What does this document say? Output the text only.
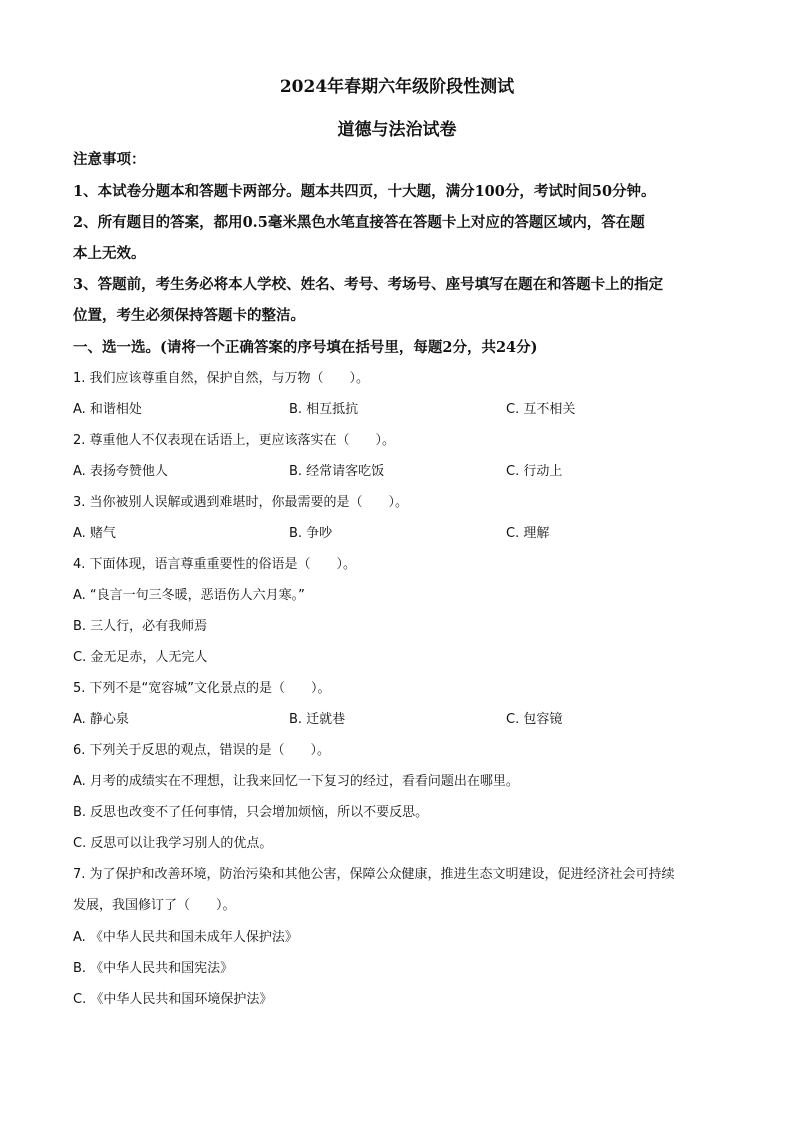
2024年春期六年级阶段性测试
道德与法治试卷
注意事项：
1、本试卷分题本和答题卡两部分。题本共四页，十大题，满分100分，考试时间50分钟。
2、所有题目的答案，都用0.5毫米黑色水笔直接答在答题卡上对应的答题区域内，答在题
本上无效。
3、答题前，考生务必将本人学校、姓名、考号、考场号、座号填写在题在和答题卡上的指定
位置，考生必须保持答题卡的整洁。
一、选一选。(请将一个正确答案的序号填在括号里，每题2分，共24分)
1. 我们应该尊重自然，保护自然，与万物（　　）。
A. 和谐相处	B. 相互抵抗	C. 互不相关
2. 尊重他人不仅表现在话语上，更应该落实在（　　）。
A. 表扬夸赞他人	B. 经常请客吃饭	C. 行动上
3. 当你被别人误解或遇到难堪时，你最需要的是（　　）。
A. 赌气	B. 争吵	C. 理解
4. 下面体现，语言尊重重要性的俗语是（　　）。
A. “良言一句三冬暖，恶语伤人六月寒。”
B. 三人行，必有我师焉
C. 金无足赤，人无完人
5. 下列不是“宽容城”文化景点的是（　　）。
A. 静心泉	B. 迁就巷	C. 包容镜
6. 下列关于反思的观点，错误的是（　　）。
A. 月考的成绩实在不理想，让我来回忆一下复习的经过，看看问题出在哪里。
B. 反思也改变不了任何事情，只会增加烦恼，所以不要反思。
C. 反思可以让我学习别人的优点。
7. 为了保护和改善环境，防治污染和其他公害，保障公众健康，推进生态文明建设，促进经济社会可持续
发展，我国修订了（　　）。
A. 《中华人民共和国未成年人保护法》
B. 《中华人民共和国宪法》
C. 《中华人民共和国环境保护法》
